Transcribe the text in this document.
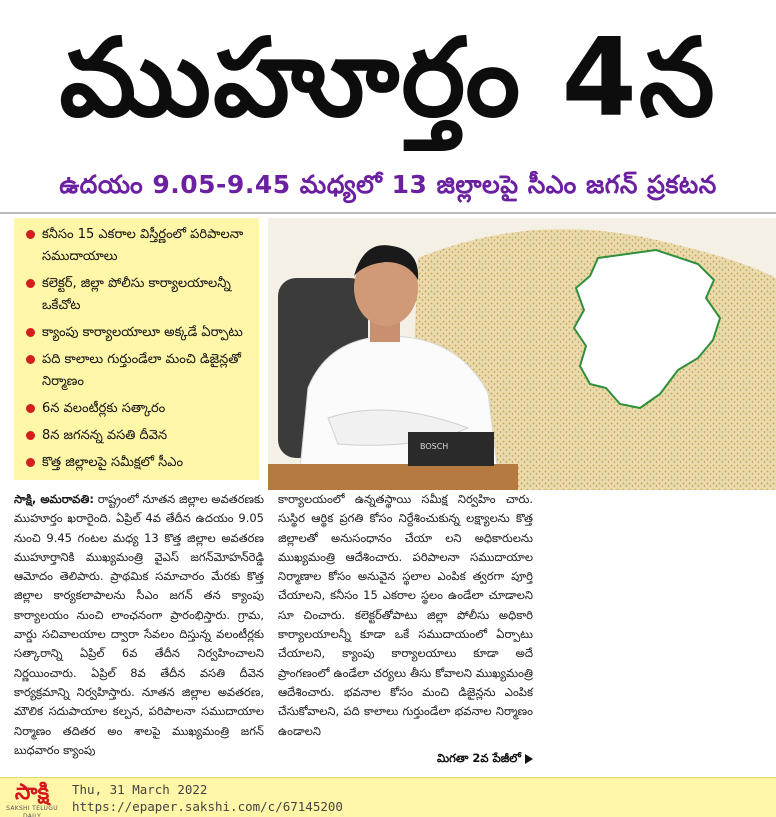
ముహూర్తం 4న
ఉదయం 9.05-9.45 మధ్యలో 13 జిల్లాలపై సీఎం జగన్ ప్రకటన
కనీసం 15 ఎకరాల విస్తీర్ణంలో పరిపాలనా సముదాయాలు
కలెక్టర్, జిల్లా పోలీసు కార్యాలయాలన్నీ ఒకేచోట
క్యాంపు కార్యాలయాలూ అక్కడే ఏర్పాటు
పది కాలాలు గుర్తుండేలా మంచి డిజైన్లతో నిర్మాణం
6న వలంటీర్లకు సత్కారం
8న జగనన్న వసతి దీవెన
కొత్త జిల్లాలపై సమీక్షలో సీఎం
BOSCH
సాక్షి, అమరావతి: రాష్ట్రంలో నూతన జిల్లాల అవతరణకు ముహూర్తం ఖరారైంది. ఏప్రిల్ 4వ తేదీన ఉదయం 9.05 నుంచి 9.45 గంటల మధ్య 13 కొత్త జిల్లాల అవతరణ ముహూర్తానికి ముఖ్యమంత్రి వైఎస్ జగన్‌మోహన్‌రెడ్డి ఆమోదం తెలిపారు. ప్రాథమిక సమాచారం మేరకు కొత్త జిల్లాల కార్యకలాపాలను సీఎం జగన్ తన క్యాంపు కార్యాలయం నుంచి లాంఛనంగా ప్రారంభిస్తారు. గ్రామ, వార్డు సచివాలయాల ద్వారా సేవలం దిస్తున్న వలంటీర్లకు సత్కారాన్ని ఏప్రిల్ 6వ తేదీన నిర్వహించాలని నిర్ణయించారు. ఏప్రిల్ 8వ తేదీన వసతి దీవెన కార్యక్రమాన్ని నిర్వహిస్తారు. నూతన జిల్లాల అవతరణ, మౌలిక సదుపాయాల కల్పన, పరిపాలనా సముదాయాల నిర్మాణం తదితర అం శాలపై ముఖ్యమంత్రి జగన్ బుధవారం క్యాంపు
కార్యాలయంలో ఉన్నతస్థాయి సమీక్ష నిర్వహిం చారు. సుస్థిర ఆర్థిక ప్రగతి కోసం నిర్దేశించుకున్న లక్ష్యాలను కొత్త జిల్లాలతో అనుసంధానం చేయా లని అధికారులను ముఖ్యమంత్రి ఆదేశించారు. పరిపాలనా సముదాయాల నిర్మాణాల కోసం అనువైన స్థలాల ఎంపిక త్వరగా పూర్తి చేయాలని, కనీసం 15 ఎకరాల స్థలం ఉండేలా చూడాలని సూ చించారు. కలెక్టర్‌తోపాటు జిల్లా పోలీసు అధికారి కార్యాలయాలన్నీ కూడా ఒకే సముదాయంలో ఏర్పాటు చేయాలని, క్యాంపు కార్యాలయాలు కూడా అదే ప్రాంగణంలో ఉండేలా చర్యలు తీసు కోవాలని ముఖ్యమంత్రి ఆదేశించారు. భవనాల కోసం మంచి డిజైన్లను ఎంపిక చేసుకోవాలని, పది కాలాలు గుర్తుండేలా భవనాల నిర్మాణం ఉండాలని
మిగతా 2వ పేజీలో
సాక్షి
SAKSHI TELUGU DAILY
Thu, 31 March 2022
https://epaper.sakshi.com/c/67145200
